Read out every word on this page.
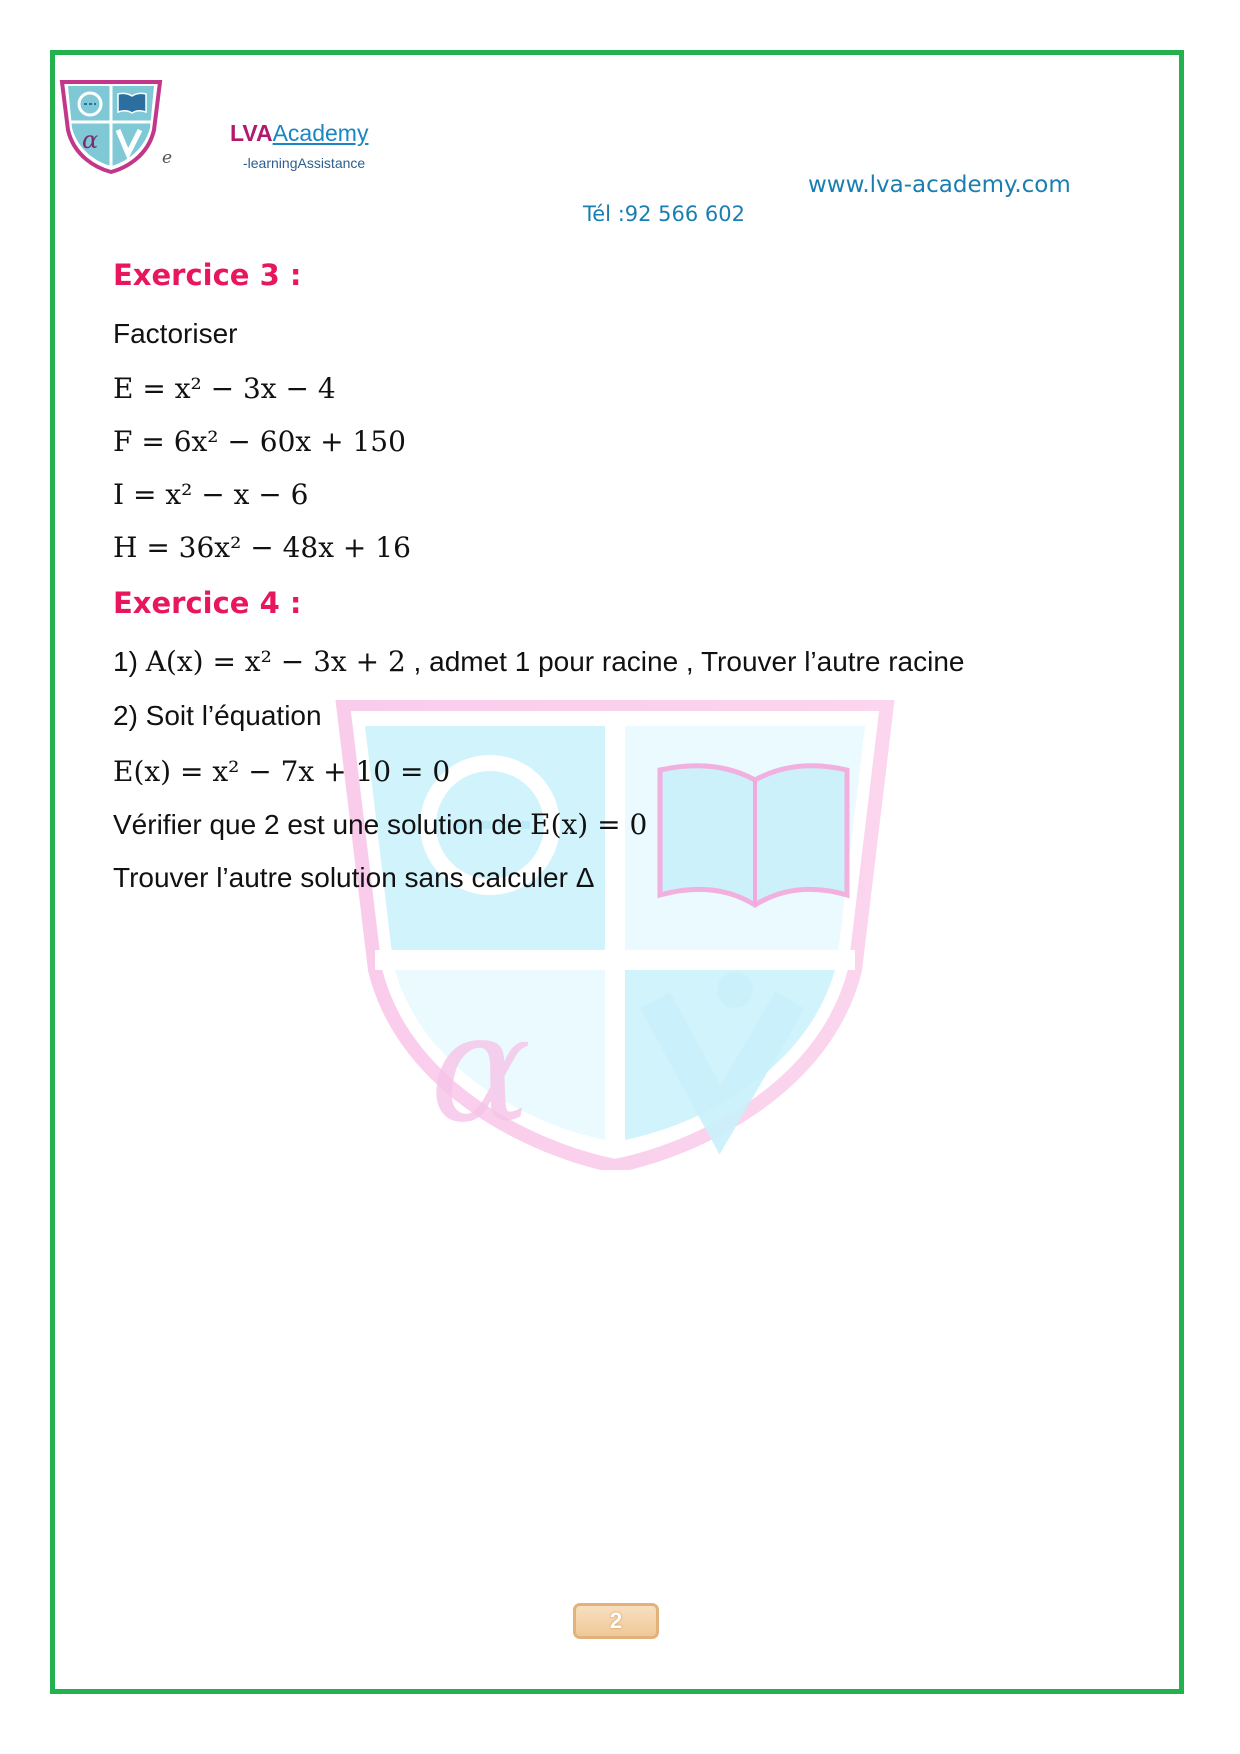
α
e
LVAAcademy
-learningAssistance
www.lva-academy.com
Tél :92 566 602
α
Exercice 3 :
Factoriser
E = x² − 3x − 4
F = 6x² − 60x + 150
I = x² − x − 6
H = 36x² − 48x + 16
Exercice 4 :
1) A(x) = x² − 3x + 2 , admet 1 pour racine , Trouver l’autre racine
2) Soit l’équation
E(x) = x² − 7x + 10 = 0
Vérifier que 2 est une solution de E(x) = 0
Trouver l’autre solution sans calculer Δ
2
